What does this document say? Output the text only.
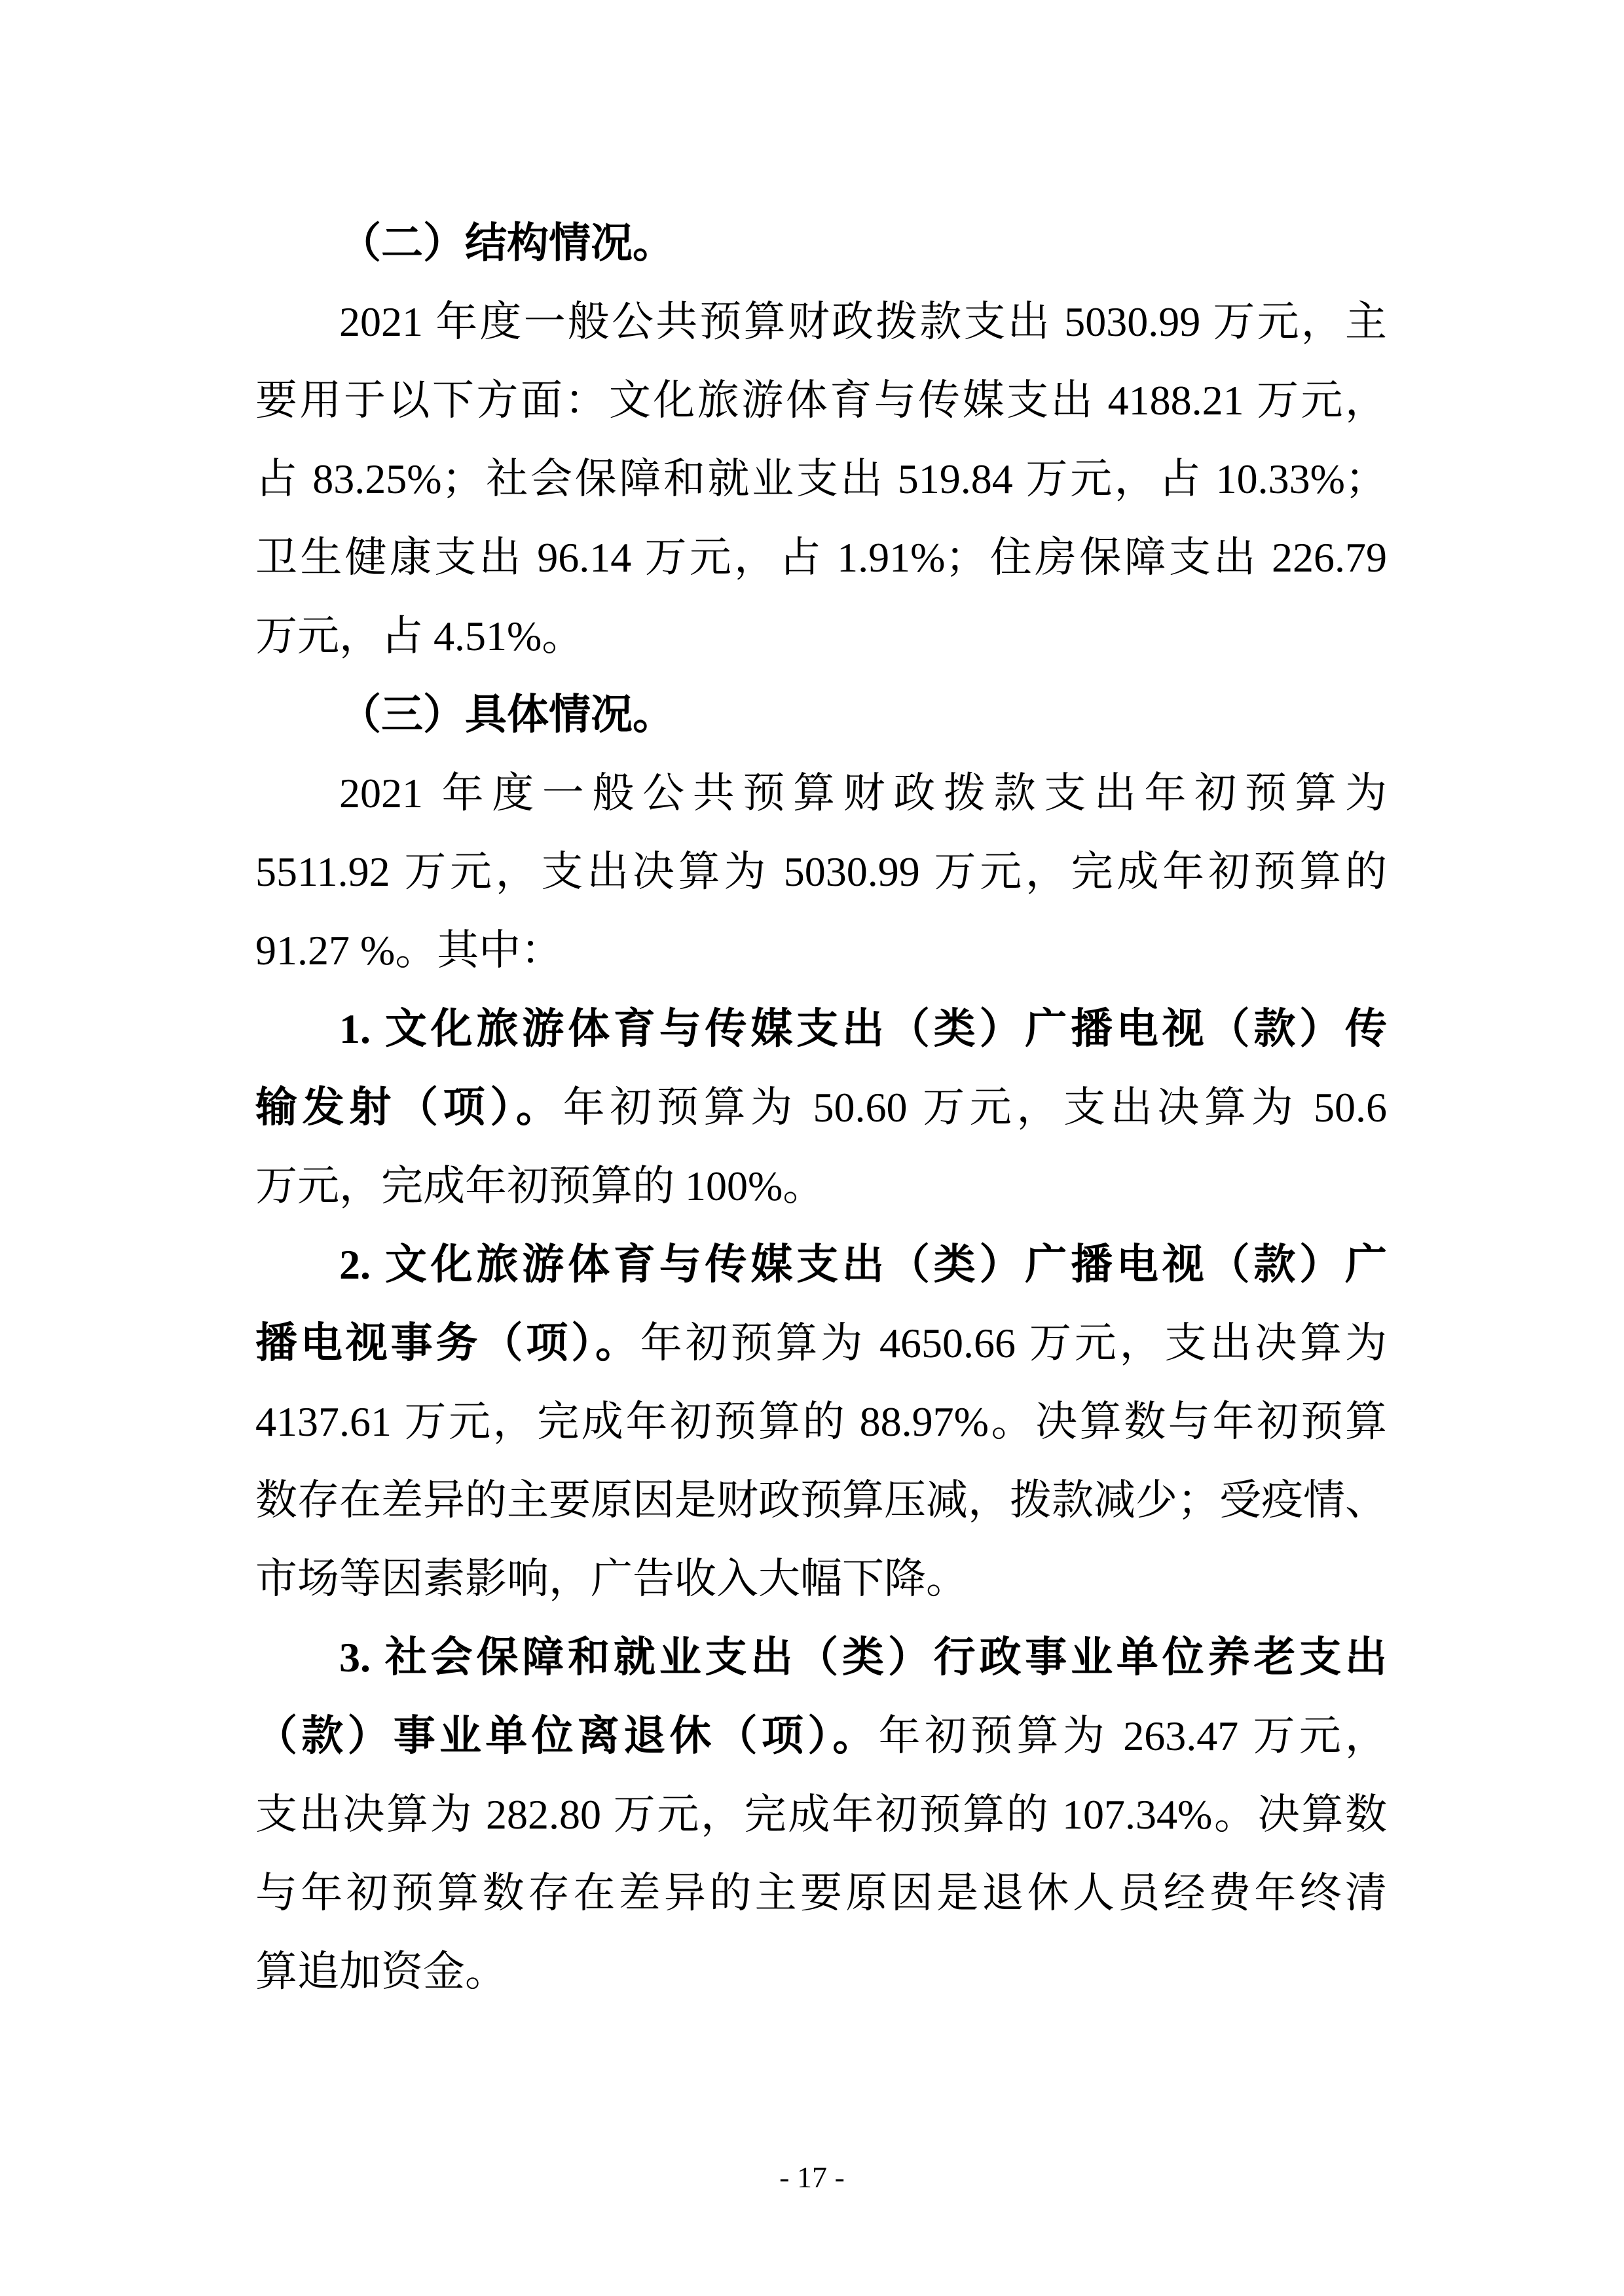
（二）结构情况。
2021 年度一般公共预算财政拨款支出 5030.99 万元，主
要用于以下方面：文化旅游体育与传媒支出 4188.21 万元，
占 83.25%；社会保障和就业支出 519.84 万元，占 10.33%；
卫生健康支出 96.14 万元，占 1.91%；住房保障支出 226.79
万元，占 4.51%。
（三）具体情况。
2021 年度一般公共预算财政拨款支出年初预算为
5511.92 万元，支出决算为 5030.99 万元，完成年初预算的
91.27 %。其中：
1. 文化旅游体育与传媒支出（类）广播电视（款）传
输发射（项）。年初预算为 50.60 万元，支出决算为 50.6
万元，完成年初预算的 100%。
2. 文化旅游体育与传媒支出（类）广播电视（款）广
播电视事务（项）。年初预算为 4650.66 万元，支出决算为
4137.61 万元，完成年初预算的 88.97%。决算数与年初预算
数存在差异的主要原因是财政预算压减，拨款减少；受疫情、
市场等因素影响，广告收入大幅下降。
3. 社会保障和就业支出（类）行政事业单位养老支出
（款）事业单位离退休（项）。年初预算为 263.47 万元，
支出决算为 282.80 万元，完成年初预算的 107.34%。决算数
与年初预算数存在差异的主要原因是退休人员经费年终清
算追加资金。
- 17 -
